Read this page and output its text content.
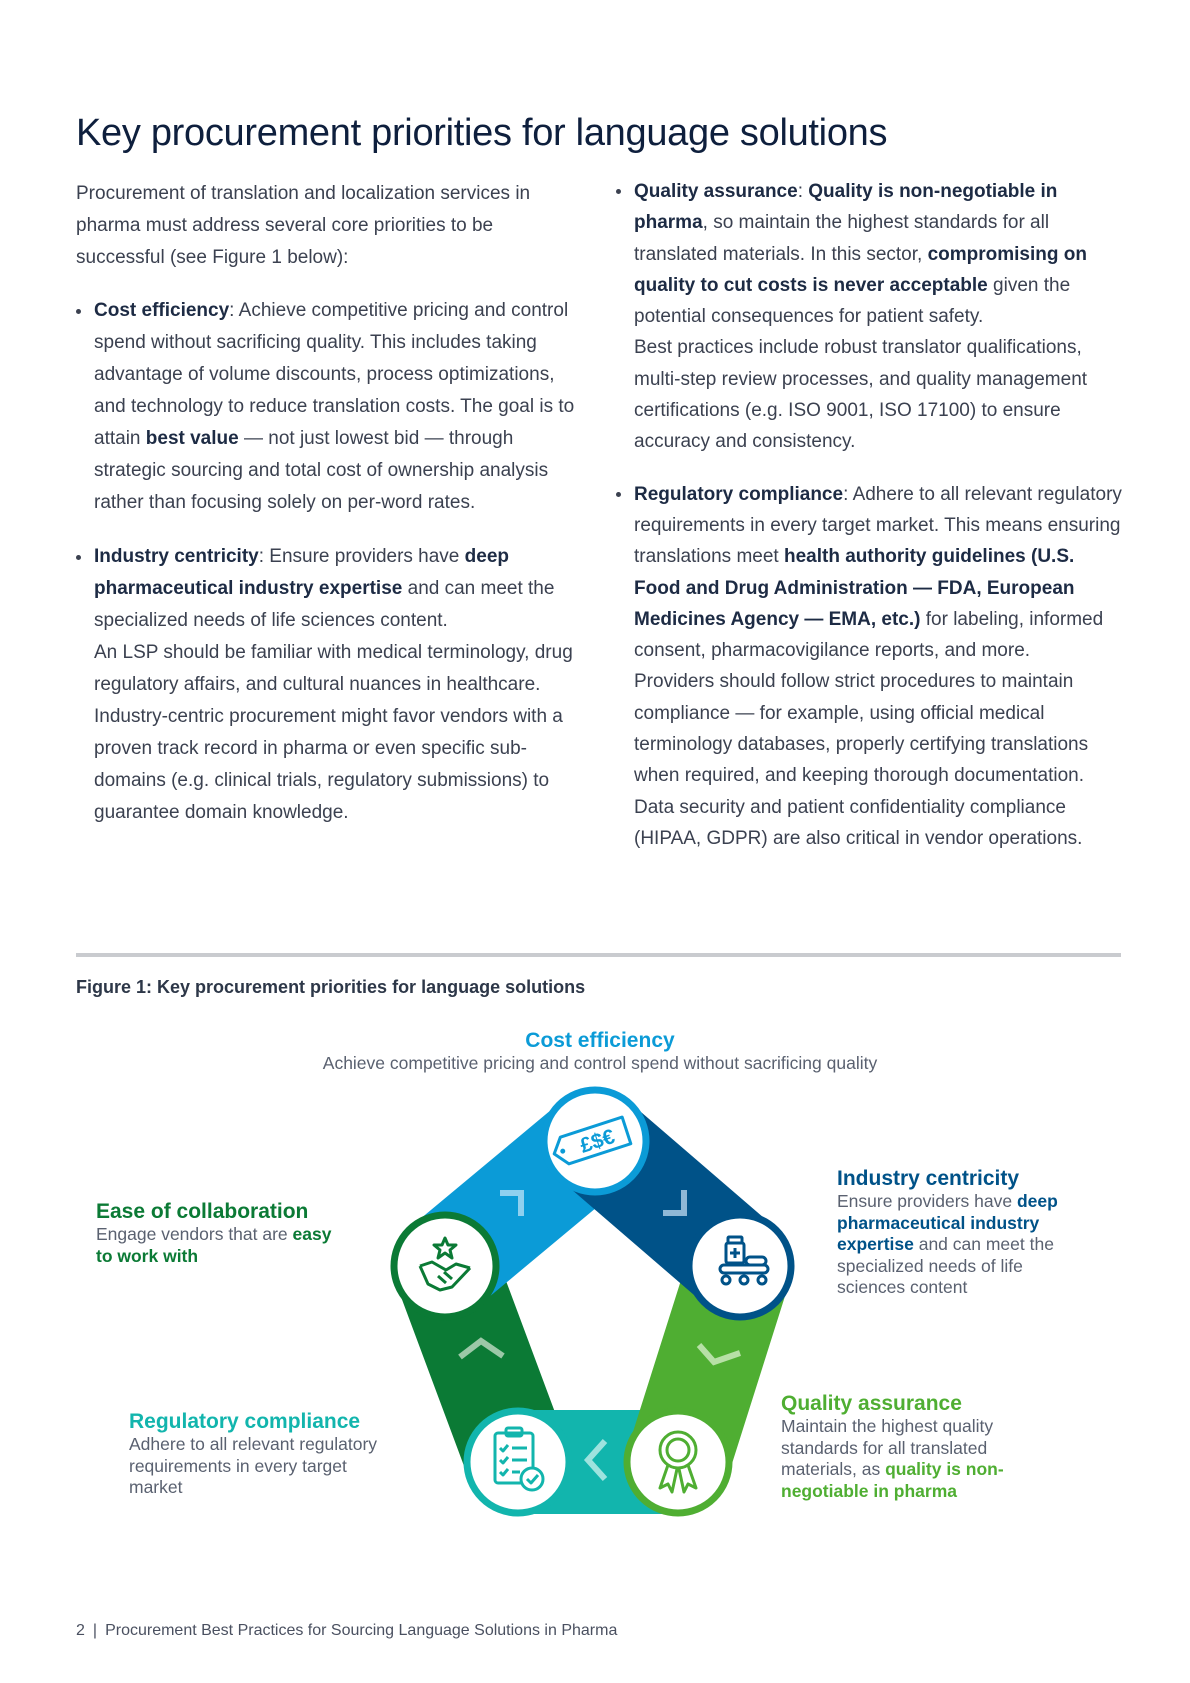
Key procurement priorities for language solutions

Procurement of translation and localization services in pharma must address several core priorities to be successful (see Figure 1 below):

Cost efficiency: Achieve competitive pricing and control spend without sacrificing quality. This includes taking advantage of volume discounts, process optimizations, and technology to reduce translation costs. The goal is to attain best value — not just lowest bid — through strategic sourcing and total cost of ownership analysis rather than focusing solely on per-word rates.

Industry centricity: Ensure providers have deep pharmaceutical industry expertise and can meet the specialized needs of life sciences content.

An LSP should be familiar with medical terminology, drug regulatory affairs, and cultural nuances in healthcare. Industry-centric procurement might favor vendors with a proven track record in pharma or even specific sub-domains (e.g. clinical trials, regulatory submissions) to guarantee domain knowledge.

Quality assurance: Quality is non-negotiable in pharma, so maintain the highest standards for all translated materials. In this sector, compromising on quality to cut costs is never acceptable given the potential consequences for patient safety.

Best practices include robust translator qualifications, multi-step review processes, and quality management certifications (e.g. ISO 9001, ISO 17100) to ensure accuracy and consistency.

Regulatory compliance: Adhere to all relevant regulatory requirements in every target market. This means ensuring translations meet health authority guidelines (U.S. Food and Drug Administration — FDA, European Medicines Agency — EMA, etc.) for labeling, informed consent, pharmacovigilance reports, and more.

Providers should follow strict procedures to maintain compliance — for example, using official medical terminology databases, properly certifying translations when required, and keeping thorough documentation. Data security and patient confidentiality compliance (HIPAA, GDPR) are also critical in vendor operations.

Figure 1: Key procurement priorities for language solutions
Cost efficiency
Achieve competitive pricing and control spend without sacrificing quality
Industry centricity
Ensure providers have deep pharmaceutical industry expertise and can meet the specialized needs of life sciences content
Ease of collaboration
Engage vendors that are easy to work with
Quality assurance
Maintain the highest quality standards for all translated materials, as quality is non-negotiable in pharma
Regulatory compliance
Adhere to all relevant regulatory requirements in every target market
£$€
2 | Procurement Best Practices for Sourcing Language Solutions in Pharma
